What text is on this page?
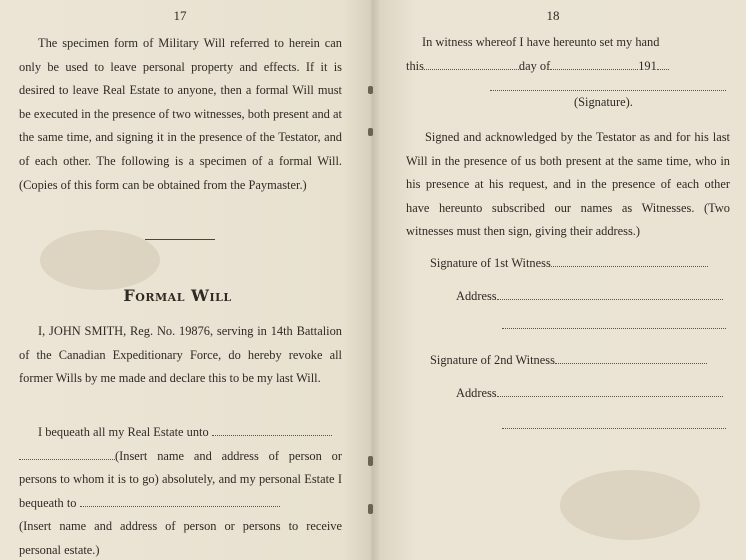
17
The specimen form of Military Will referred to herein can only be used to leave personal property and effects. If it is desired to leave Real Estate to anyone, then a formal Will must be executed in the presence of two witnesses, both present and at the same time, and signing it in the presence of the Testator, and of each other. The following is a specimen of a formal Will. (Copies of this form can be obtained from the Paymaster.)
Formal Will
I, JOHN SMITH, Reg. No. 19876, serving in 14th Battalion of the Canadian Expeditionary Force, do hereby revoke all former Wills by me made and declare this to be my last Will.
I bequeath all my Real Estate unto
(Insert name and address of person or persons to whom it is to go) absolutely, and my personal Estate I bequeath to
(Insert name and address of person or persons to receive personal estate.)
18
In witness whereof I have hereunto set my hand
this	day of	191
(Signature).
Signed and acknowledged by the Testator as and for his last Will in the presence of us both present at the same time, who in his presence at his request, and in the presence of each other have hereunto subscribed our names as Witnesses. (Two witnesses must then sign, giving their address.)
Signature of 1st Witness
Address
Signature of 2nd Witness
Address
